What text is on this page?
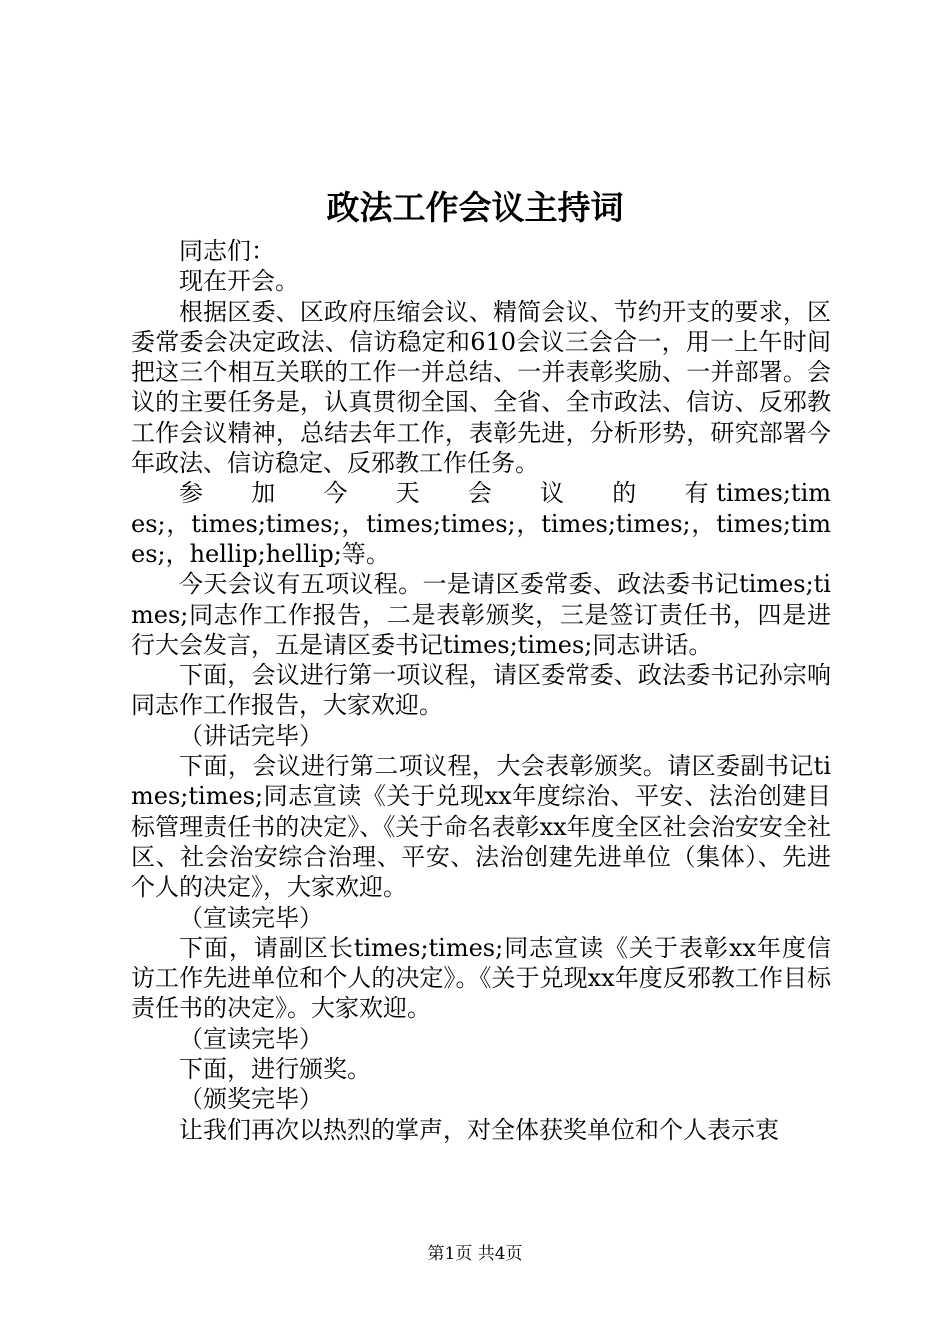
政法工作会议主持词

同志们：

现在开会。

根据区委、区政府压缩会议、精简会议、节约开支的要求，区委常委会决定政法、信访稳定和610会议三会合一，用一上午时间把这三个相互关联的工作一并总结、一并表彰奖励、一并部署。会议的主要任务是，认真贯彻全国、全省、全市政法、信访、反邪教工作会议精神，总结去年工作，表彰先进，分析形势，研究部署今年政法、信访稳定、反邪教工作任务。

参　　加　　今　　天　　会　　议　　的　　有 times;times;，times;times;，times;times;，times;times;，times;times;，hellip;hellip;等。

今天会议有五项议程。一是请区委常委、政法委书记times;times;同志作工作报告，二是表彰颁奖，三是签订责任书，四是进行大会发言，五是请区委书记times;times;同志讲话。

下面，会议进行第一项议程，请区委常委、政法委书记孙宗响同志作工作报告，大家欢迎。

（讲话完毕）

下面，会议进行第二项议程，大会表彰颁奖。请区委副书记times;times;同志宣读《关于兑现xx年度综治、平安、法治创建目标管理责任书的决定》、《关于命名表彰xx年度全区社会治安安全社区、社会治安综合治理、平安、法治创建先进单位（集体）、先进个人的决定》，大家欢迎。

（宣读完毕）

下面，请副区长times;times;同志宣读《关于表彰xx年度信访工作先进单位和个人的决定》。《关于兑现xx年度反邪教工作目标责任书的决定》。大家欢迎。

（宣读完毕）

下面，进行颁奖。

（颁奖完毕）

让我们再次以热烈的掌声，对全体获奖单位和个人表示衷

第1页 共4页
